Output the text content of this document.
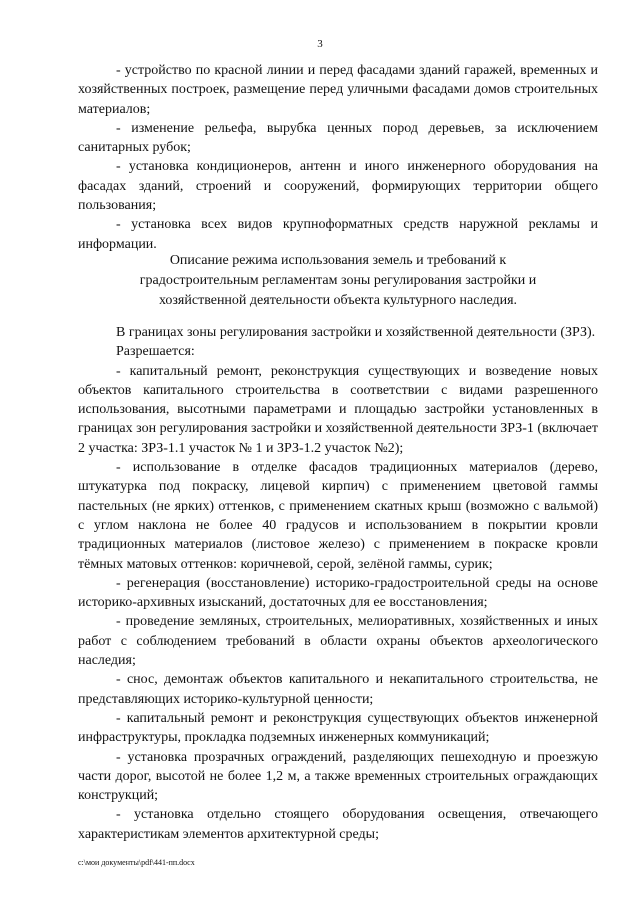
3

- устройство по красной линии и перед фасадами зданий гаражей, временных и хозяйственных построек, размещение перед уличными фасадами домов строительных материалов;

- изменение рельефа, вырубка ценных пород деревьев, за исключением санитарных рубок;

- установка кондиционеров, антенн и иного инженерного оборудования на фасадах зданий, строений и сооружений, формирующих территории общего пользования;

- установка всех видов крупноформатных средств наружной рекламы и информации.

Описание режима использования земель и требований к
градостроительным регламентам зоны регулирования застройки и
хозяйственной деятельности объекта культурного наследия.

В границах зоны регулирования застройки и хозяйственной деятельности (ЗРЗ).

Разрешается:

- капитальный ремонт, реконструкция существующих и возведение новых объектов капитального строительства в соответствии с видами разрешенного использования, высотными параметрами и площадью застройки установленных в границах зон регулирования застройки и хозяйственной деятельности ЗРЗ-1 (включает 2 участка: ЗРЗ-1.1 участок № 1 и ЗРЗ-1.2 участок №2);

- использование в отделке фасадов традиционных материалов (дерево, штукатурка под покраску, лицевой кирпич) с применением цветовой гаммы пастельных (не ярких) оттенков, с применением скатных крыш (возможно с вальмой) с углом наклона не более 40 градусов и использованием в покрытии кровли традиционных материалов (листовое железо) с применением в покраске кровли тёмных матовых оттенков: коричневой, серой, зелёной гаммы, сурик;

- регенерация (восстановление) историко-градостроительной среды на основе историко-архивных изысканий, достаточных для ее восстановления;

- проведение земляных, строительных, мелиоративных, хозяйственных и иных работ с соблюдением требований в области охраны объектов археологического наследия;

- снос, демонтаж объектов капитального и некапитального строительства, не представляющих историко-культурной ценности;

- капитальный ремонт и реконструкция существующих объектов инженерной инфраструктуры, прокладка подземных инженерных коммуникаций;

- установка прозрачных ограждений, разделяющих пешеходную и проезжую части дорог, высотой не более 1,2 м, а также временных строительных ограждающих конструкций;

- установка отдельно стоящего оборудования освещения, отвечающего характеристикам элементов архитектурной среды;

c:\мои документы\pdf\441-пп.docx
